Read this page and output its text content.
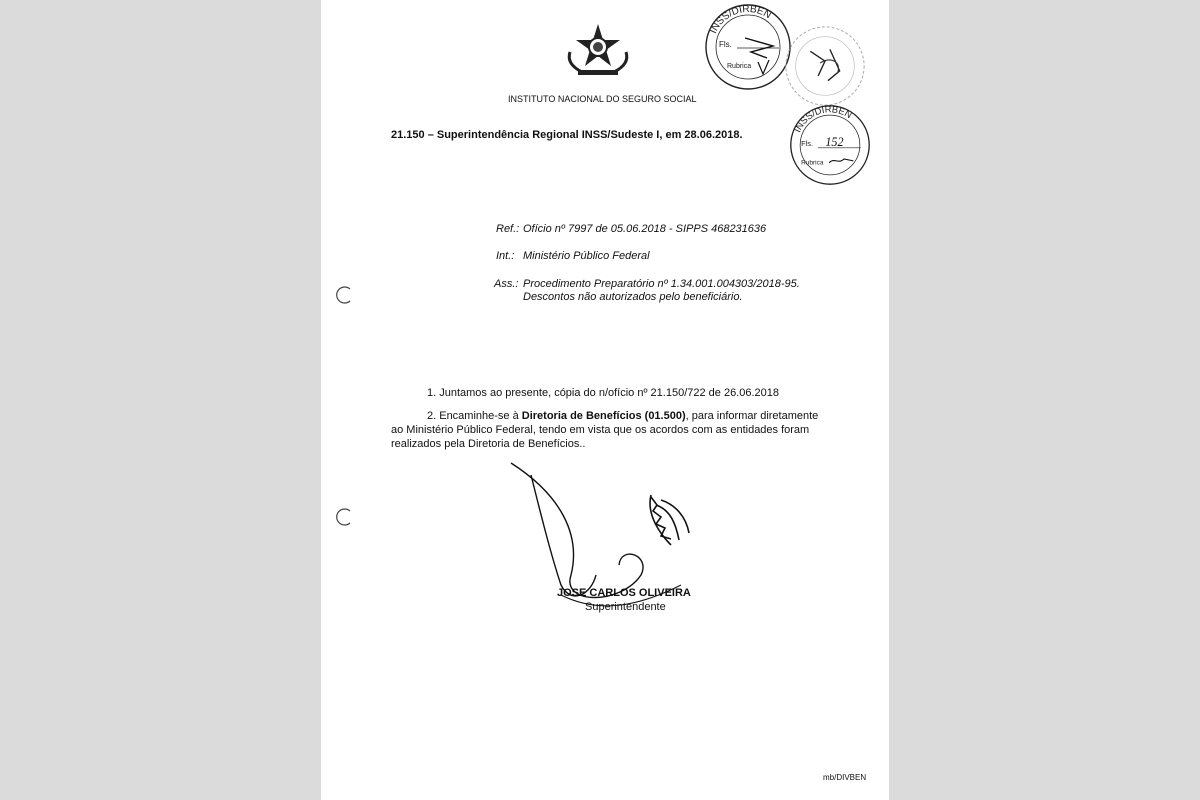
INSTITUTO NACIONAL DO SEGURO SOCIAL
21.150 – Superintendência Regional INSS/Sudeste I, em 28.06.2018.
Ref.: Ofício nº 7997 de 05.06.2018 - SIPPS 468231636
Int.: Ministério Público Federal
Ass.: Procedimento Preparatório nº 1.34.001.004303/2018-95.
Descontos não autorizados pelo beneficiário.
1. Juntamos ao presente, cópia do n/ofício nº 21.150/722 de 26.06.2018
2. Encaminhe-se à Diretoria de Benefícios (01.500), para informar diretamente
ao Ministério Público Federal, tendo em vista que os acordos com as entidades foram
realizados pela Diretoria de Benefícios..
JOSE CARLOS OLIVEIRA
Superintendente
mb/DIVBEN
INSS/DIRBEN
Fls.
Rubrica
INSS/DIRBEN
Fls. 152
Rubrica
